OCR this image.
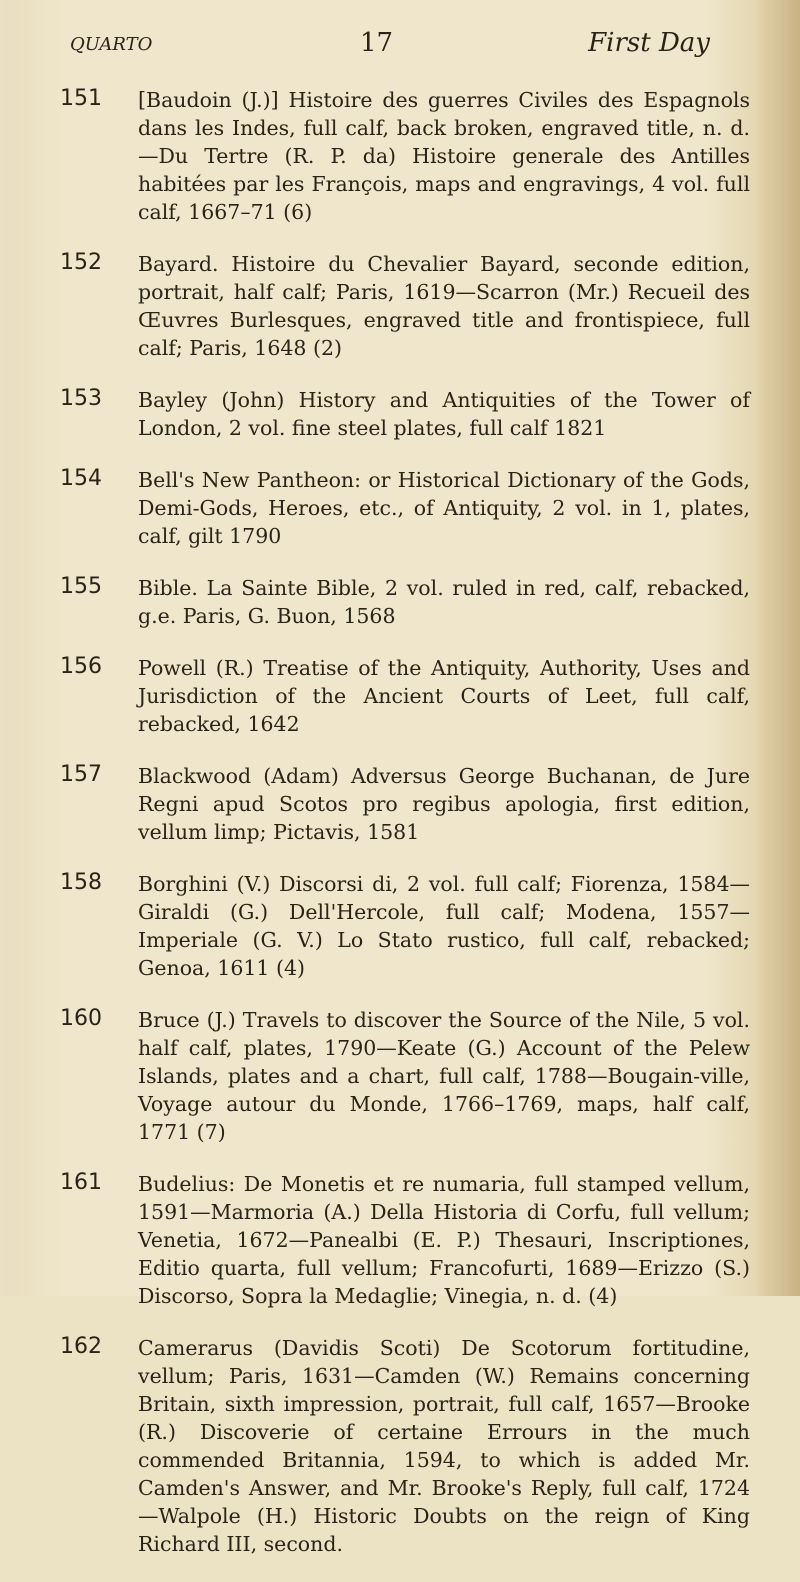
QUARTO	17	First Day
151	[Baudoin (J.)] Histoire des guerres Civiles des Espagnols dans les Indes, full calf, back broken, engraved title, n. d.—Du Tertre (R. P. da) Histoire generale des Antilles habitées par les François, maps and engravings, 4 vol. full calf, 1667–71 (6)
152	Bayard. Histoire du Chevalier Bayard, seconde edition, portrait, half calf; Paris, 1619—Scarron (Mr.) Recueil des Œuvres Burlesques, engraved title and frontispiece, full calf; Paris, 1648 (2)
153	Bayley (John) History and Antiquities of the Tower of London, 2 vol. fine steel plates, full calf 1821
154	Bell's New Pantheon: or Historical Dictionary of the Gods, Demi-Gods, Heroes, etc., of Antiquity, 2 vol. in 1, plates, calf, gilt 1790
155	Bible. La Sainte Bible, 2 vol. ruled in red, calf, rebacked, g.e. Paris, G. Buon, 1568
156	Powell (R.) Treatise of the Antiquity, Authority, Uses and Jurisdiction of the Ancient Courts of Leet, full calf, rebacked, 1642
157	Blackwood (Adam) Adversus George Buchanan, de Jure Regni apud Scotos pro regibus apologia, first edition, vellum limp; Pictavis, 1581
158	Borghini (V.) Discorsi di, 2 vol. full calf; Fiorenza, 1584—Giraldi (G.) Dell'Hercole, full calf; Modena, 1557—Imperiale (G. V.) Lo Stato rustico, full calf, rebacked; Genoa, 1611 (4)
160	Bruce (J.) Travels to discover the Source of the Nile, 5 vol. half calf, plates, 1790—Keate (G.) Account of the Pelew Islands, plates and a chart, full calf, 1788—Bougain-ville, Voyage autour du Monde, 1766–1769, maps, half calf, 1771 (7)
161	Budelius: De Monetis et re numaria, full stamped vellum, 1591—Marmoria (A.) Della Historia di Corfu, full vellum; Venetia, 1672—Panealbi (E. P.) Thesauri, Inscriptiones, Editio quarta, full vellum; Francofurti, 1689—Erizzo (S.) Discorso, Sopra la Medaglie; Vinegia, n. d. (4)
162	Camerarus (Davidis Scoti) De Scotorum fortitudine, vellum; Paris, 1631—Camden (W.) Remains concerning Britain, sixth impression, portrait, full calf, 1657—Brooke (R.) Discoverie of certaine Errours in the much commended Britannia, 1594, to which is added Mr. Camden's Answer, and Mr. Brooke's Reply, full calf, 1724—Walpole (H.) Historic Doubts on the reign of King Richard III, second.
